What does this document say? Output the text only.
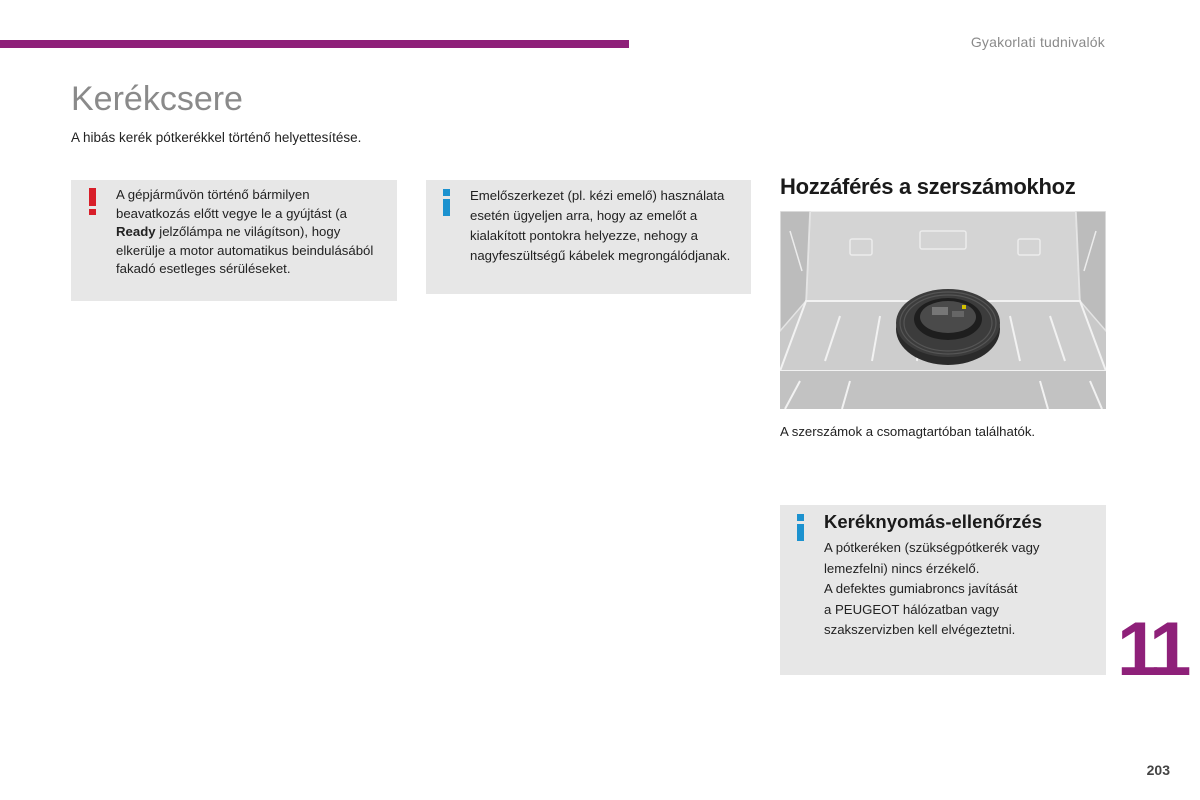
Gyakorlati tudnivalók
Kerékcsere
A hibás kerék pótkerékkel történő helyettesítése.
A gépjárművön történő bármilyen beavatkozás előtt vegye le a gyújtást (a Ready jelzőlámpa ne világítson), hogy elkerülje a motor automatikus beindulásából fakadó esetleges sérüléseket.
Emelőszerkezet (pl. kézi emelő) használata esetén ügyeljen arra, hogy az emelőt a kialakított pontokra helyezze, nehogy a nagyfeszültségű kábelek megrongálódjanak.
Hozzáférés a szerszámokhoz
A szerszámok a csomagtartóban találhatók.
Keréknyomás-ellenőrzés
A pótkeréken (szükségpótkerék vagy
lemezfelni) nincs érzékelő.
A defektes gumiabroncs javítását
a PEUGEOT hálózatban vagy
szakszervizben kell elvégeztetni.	11
203
